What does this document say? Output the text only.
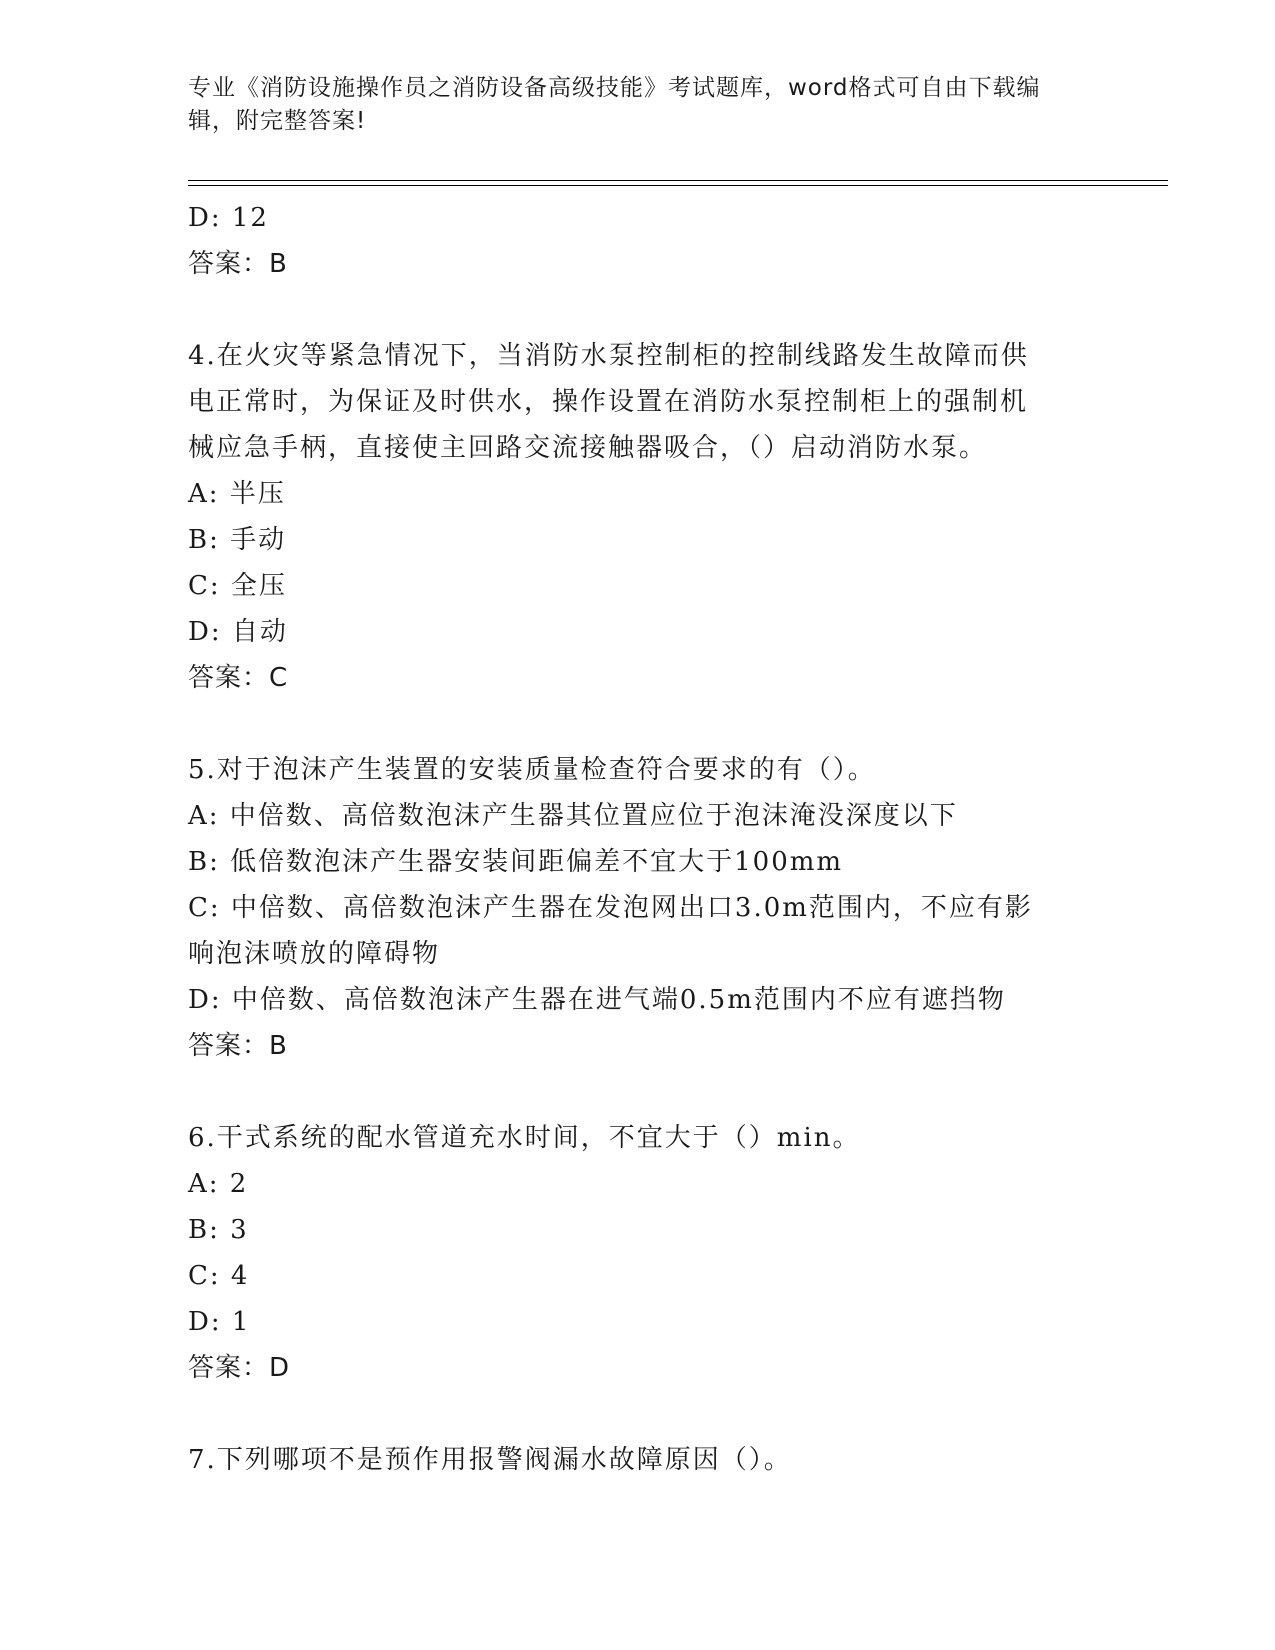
专业《消防设施操作员之消防设备高级技能》考试题库，word格式可自由下载编
辑，附完整答案!
D: 12
答案：B
4.在火灾等紧急情况下，当消防水泵控制柜的控制线路发生故障而供
电正常时，为保证及时供水，操作设置在消防水泵控制柜上的强制机
械应急手柄，直接使主回路交流接触器吸合，（）启动消防水泵。
A: 半压
B: 手动
C: 全压
D: 自动
答案：C
5.对于泡沫产生装置的安装质量检查符合要求的有（）。
A: 中倍数、高倍数泡沫产生器其位置应位于泡沫淹没深度以下
B: 低倍数泡沫产生器安装间距偏差不宜大于100mm
C: 中倍数、高倍数泡沫产生器在发泡网出口3.0m范围内，不应有影
响泡沫喷放的障碍物
D: 中倍数、高倍数泡沫产生器在进气端0.5m范围内不应有遮挡物
答案：B
6.干式系统的配水管道充水时间，不宜大于（）min。
A: 2
B: 3
C: 4
D: 1
答案：D
7.下列哪项不是预作用报警阀漏水故障原因（）。
